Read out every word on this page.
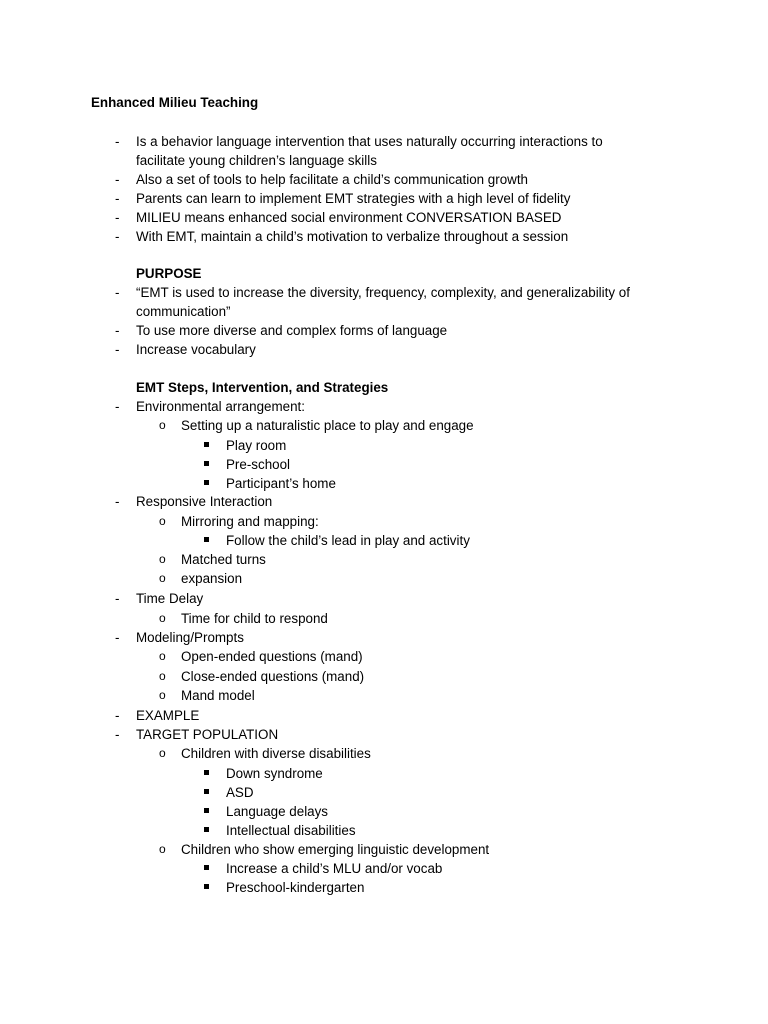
Enhanced Milieu Teaching
- Is a behavior language intervention that uses naturally occurring interactions to
facilitate young children’s language skills
- Also a set of tools to help facilitate a child’s communication growth
- Parents can learn to implement EMT strategies with a high level of fidelity
- MILIEU means enhanced social environment CONVERSATION BASED
- With EMT, maintain a child’s motivation to verbalize throughout a session
PURPOSE
- “EMT is used to increase the diversity, frequency, complexity, and generalizability of
communication”
- To use more diverse and complex forms of language
- Increase vocabulary
EMT Steps, Intervention, and Strategies
- Environmental arrangement:
o Setting up a naturalistic place to play and engage
Play room
Pre-school
Participant’s home
- Responsive Interaction
o Mirroring and mapping:
Follow the child’s lead in play and activity
o Matched turns
o expansion
- Time Delay
o Time for child to respond
- Modeling/Prompts
o Open-ended questions (mand)
o Close-ended questions (mand)
o Mand model
- EXAMPLE
- TARGET POPULATION
o Children with diverse disabilities
Down syndrome
ASD
Language delays
Intellectual disabilities
o Children who show emerging linguistic development
Increase a child’s MLU and/or vocab
Preschool-kindergarten
